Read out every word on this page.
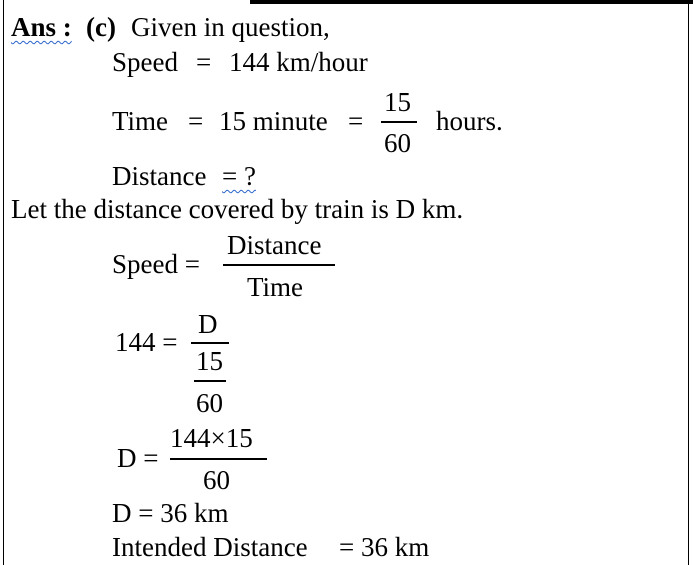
Ans : (c) Given in question,
Speed = 144 km/hour
Time = 15 minute =
15
60
hours.
Distance = ?
Let the distance covered by train is D km.
Speed =
Distance
Time
144 =
D
15
60
D =
144×15
60
D = 36 km
Intended Distance = 36 km
